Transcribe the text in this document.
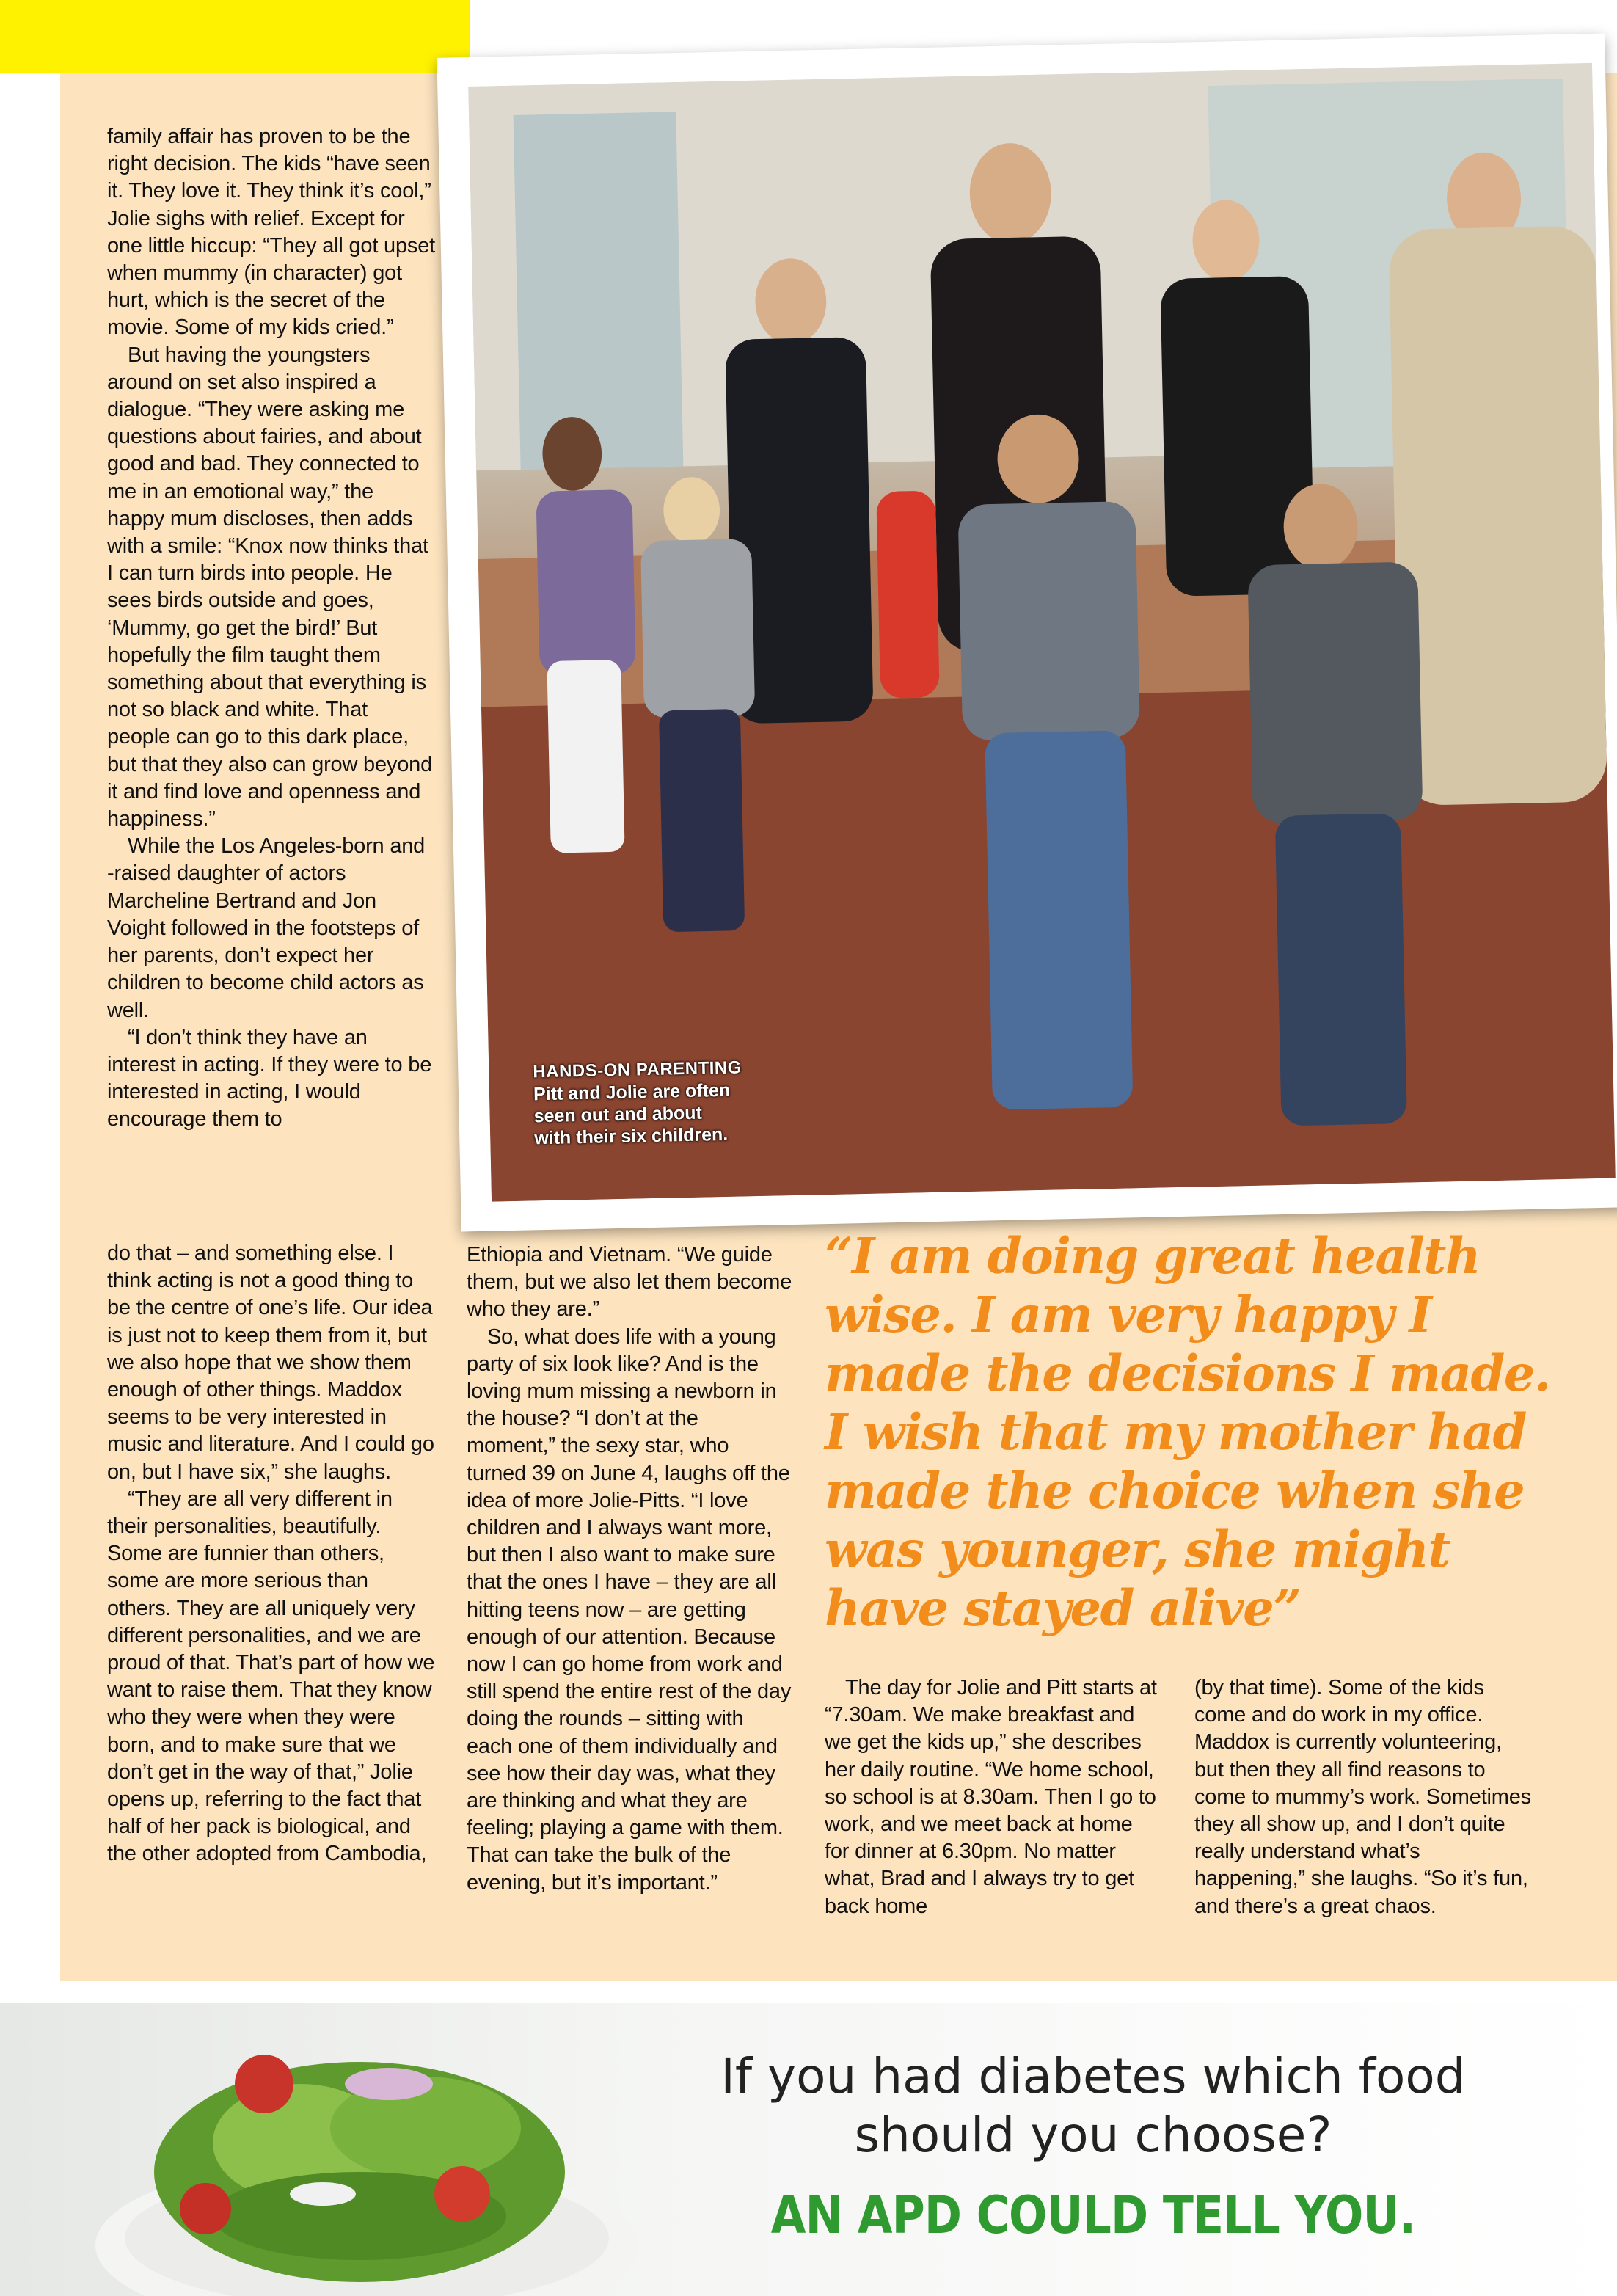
HANDS-ON PARENTING
Pitt and Jolie are often
seen out and about
with their six children.

family affair has proven to be the right decision. The kids “have seen it. They love it. They think it’s cool,” Jolie sighs with relief. Except for one little hiccup: “They all got upset when mummy (in character) got hurt, which is the secret of the movie. Some of my kids cried.”

But having the youngsters around on set also inspired a dialogue. “They were asking me questions about fairies, and about good and bad. They connected to me in an emotional way,” the happy mum discloses, then adds with a smile: “Knox now thinks that I can turn birds into people. He sees birds outside and goes, ‘Mummy, go get the bird!’ But hopefully the film taught them something about that everything is not so black and white. That people can go to this dark place, but that they also can grow beyond it and find love and openness and happiness.”

While the Los Angeles-born and -raised daughter of actors Marcheline Bertrand and Jon Voight followed in the footsteps of her parents, don’t expect her children to become child actors as well.

“I don’t think they have an interest in acting. If they were to be interested in acting, I would encourage them to

do that – and something else. I think acting is not a good thing to be the centre of one’s life. Our idea is just not to keep them from it, but we also hope that we show them enough of other things. Maddox seems to be very interested in music and literature. And I could go on, but I have six,” she laughs.

“They are all very different in their personalities, beautifully. Some are funnier than others, some are more serious than others. They are all uniquely very different personalities, and we are proud of that. That’s part of how we want to raise them. That they know who they were when they were born, and to make sure that we don’t get in the way of that,” Jolie opens up, referring to the fact that half of her pack is biological, and the other adopted from Cambodia,

Ethiopia and Vietnam. “We guide them, but we also let them become who they are.”

So, what does life with a young party of six look like? And is the loving mum missing a newborn in the house? “I don’t at the moment,” the sexy star, who turned 39 on June 4, laughs off the idea of more Jolie-Pitts. “I love children and I always want more, but then I also want to make sure that the ones I have – they are all hitting teens now – are getting enough of our attention. Because now I can go home from work and still spend the entire rest of the day doing the rounds – sitting with each one of them individually and see how their day was, what they are thinking and what they are feeling; playing a game with them. That can take the bulk of the evening, but it’s important.”

“I am doing great health wise. I am very happy I made the decisions I made. I wish that my mother had made the choice when she was younger, she might have stayed alive”

The day for Jolie and Pitt starts at “7.30am. We make breakfast and we get the kids up,” she describes her daily routine. “We home school, so school is at 8.30am. Then I go to work, and we meet back at home for dinner at 6.30pm. No matter what, Brad and I always try to get back home

(by that time). Some of the kids come and do work in my office. Maddox is currently volunteering, but then they all find reasons to come to mummy’s work. Sometimes they all show up, and I don’t quite really understand what’s happening,” she laughs. “So it’s fun, and there’s a great chaos.

If you had diabetes which food
should you choose?
AN APD COULD TELL YOU.
